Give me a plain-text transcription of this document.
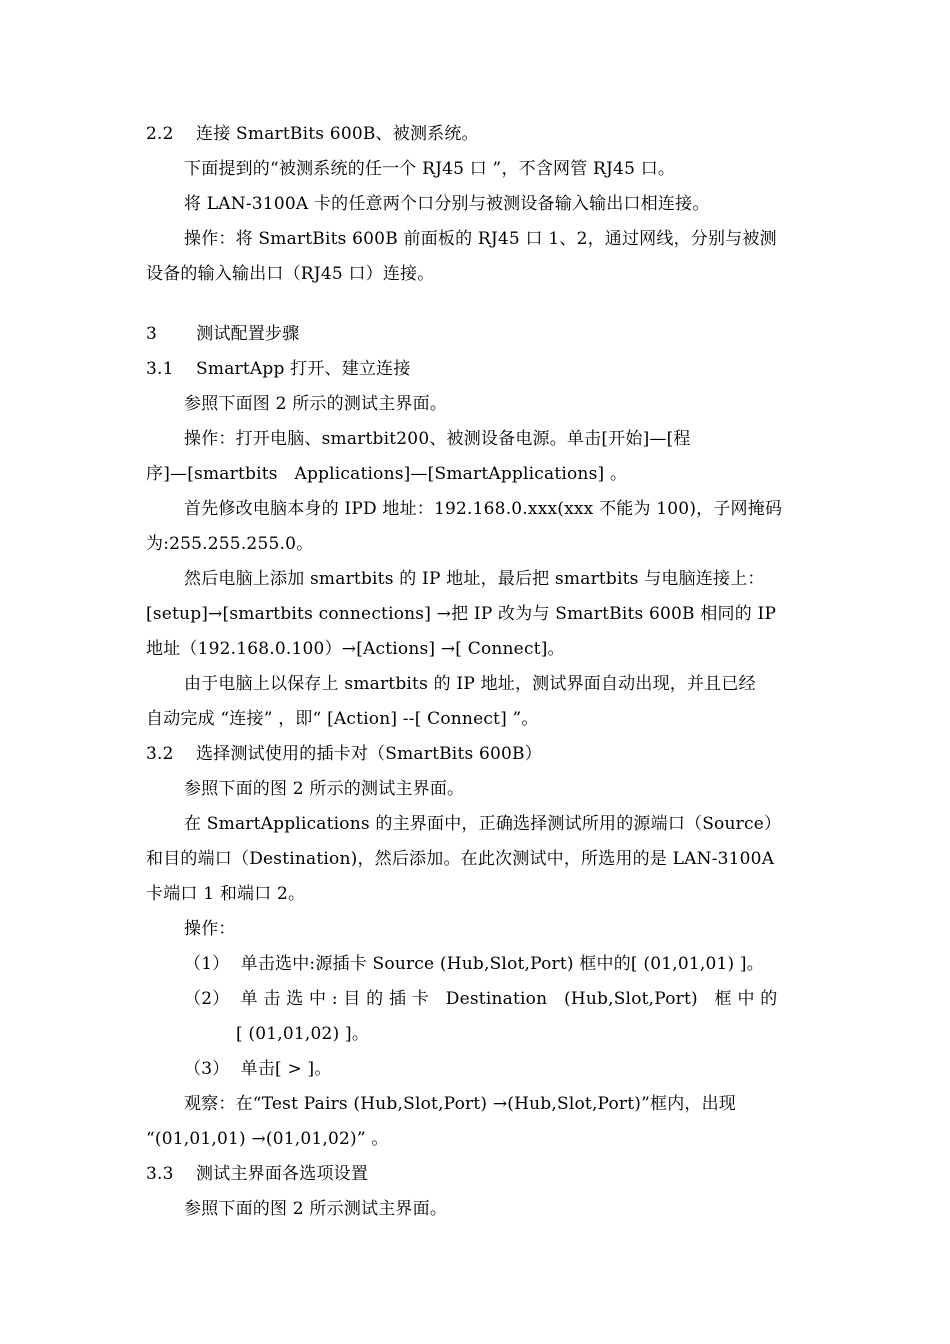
2.2    连接 SmartBits 600B、被测系统。
下面提到的“被测系统的任一个 RJ45 口 ”，不含网管 RJ45 口。
将 LAN-3100A 卡的任意两个口分别与被测设备输入输出口相连接。
操作：将 SmartBits 600B 前面板的 RJ45 口 1、2，通过网线，分别与被测
设备的输入输出口（RJ45 口）连接。
3       测试配置步骤
3.1    SmartApp 打开、建立连接
参照下面图 2 所示的测试主界面。
操作：打开电脑、smartbit200、被测设备电源。单击[开始]—[程
序]—[smartbits   Applications]—[SmartApplications] 。
首先修改电脑本身的 IPD 地址：192.168.0.xxx(xxx 不能为 100)，子网掩码
为:255.255.255.0。
然后电脑上添加 smartbits 的 IP 地址，最后把 smartbits 与电脑连接上：
[setup]→[smartbits connections] →把 IP 改为与 SmartBits 600B 相同的 IP
地址（192.168.0.100）→[Actions] →[ Connect]。
由于电脑上以保存上 smartbits 的 IP 地址，测试界面自动出现，并且已经
自动完成 “连接” ，即“ [Action] --[ Connect] ”。
3.2    选择测试使用的插卡对（SmartBits 600B）
参照下面的图 2 所示的测试主界面。
在 SmartApplications 的主界面中，正确选择测试所用的源端口（Source）
和目的端口（Destination)，然后添加。在此次测试中，所选用的是 LAN-3100A
卡端口 1 和端口 2。
操作：
（1）  单击选中:源插卡 Source (Hub,Slot,Port) 框中的[ (01,01,01) ]。
（2）  单 击 选 中 : 目 的 插 卡   Destination   (Hub,Slot,Port)   框 中 的
[ (01,01,02) ]。
（3）  单击[ > ]。
观察：在“Test Pairs (Hub,Slot,Port) →(Hub,Slot,Port)”框内，出现
“(01,01,01) →(01,01,02)” 。
3.3    测试主界面各选项设置
参照下面的图 2 所示测试主界面。
